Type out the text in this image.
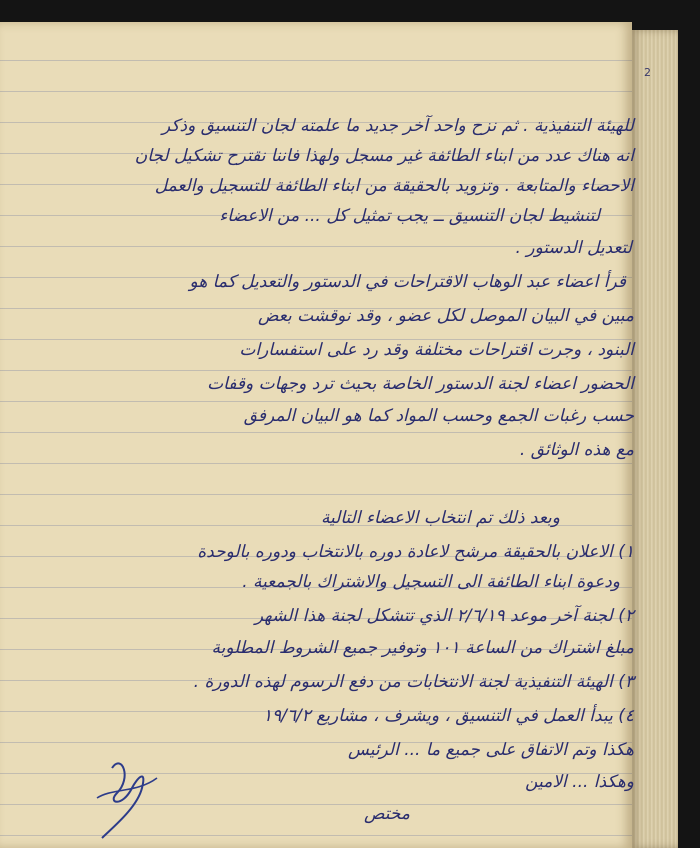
2
للهيئة التنفيذية . ثم نزح واحد آخر جديد ما علمته لجان التنسيق وذكر
انه هناك عدد من ابناء الطائفة غير مسجل ولهذا فاننا نقترح تشكيل لجان
الاحصاء والمتابعة . وتزويد بالحقيقة من ابناء الطائفة للتسجيل والعمل
لتنشيط لجان التنسيق ــ يجب تمثيل كل ... من الاعضاء
لتعديل الدستور .
قرأ اعضاء عبد الوهاب الاقتراحات في الدستور والتعديل كما هو
مبين في البيان الموصل لكل عضو ، وقد نوقشت بعض
البنود ، وجرت اقتراحات مختلفة وقد رد على استفسارات
الحضور اعضاء لجنة الدستور الخاصة بحيث ترد وجهات وقفات
حسب رغبات الجمع وحسب المواد كما هو البيان المرفق
مع هذه الوثائق .
وبعد ذلك تم انتخاب الاعضاء التالية
١) الاعلان بالحقيقة مرشح لاعادة دوره بالانتخاب ودوره بالوحدة
ودعوة ابناء الطائفة الى التسجيل والاشتراك بالجمعية .
٢) لجنة آخر موعد ٢/٦/١٩ الذي تتشكل لجنة هذا الشهر
مبلغ اشتراك من الساعة ١٠١ وتوفير جميع الشروط المطلوبة
٣) الهيئة التنفيذية لجنة الانتخابات من دفع الرسوم لهذه الدورة .
٤) يبدأ العمل في التنسيق ، ويشرف ، مشاريع ١٩/٦/٢
هكذا وتم الاتفاق على جميع ما ... الرئيس
وهكذا ... الامين
مختص
